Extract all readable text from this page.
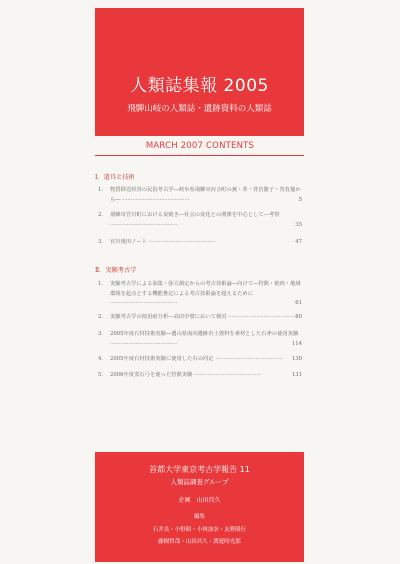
人類誌集報 2005
飛騨山岐の人類誌・遺跡資料の人類誌
MARCH 2007 CONTENTS
Ⅰ．道具と技術
1. 物質移送経営の民俗考古学―岐阜県飛騨市河合町の蕪・革・背負籠子・背負籠から― ········································	5
2. 飛騨市宮川町における炭焼き―社会の変化との関係を中心として―考察 ········································	35
3. 官川後田ノート ········································	47
Ⅱ．実験考古学
1. 実験考古学による油集・弥力測定からの考古技術論―向けて―狩猟・焼肉・地域環境を起点とする機能推定による考古技術論を超えるために ········································	61
2. 実験考古学の使用痕分析―高田亭窟において検討 ········································ 80
3. 2005年度石材技術実験―遺山県南向遺跡出土資料を素材とした石斧の使用実験 ········································	114
4. 2005年度石材技術実験に使用した石の同定 ········································	130
5. 2006年度霊石弓を使った狩猟実験 ········································	131
首都大学東京考古学報告 11
人類誌調査グループ
企画　山田昌久
編集
石井良・小野昭・小林加奈・友野隆行
藤樹哲哉・山田昌久・渡遊時光郎
